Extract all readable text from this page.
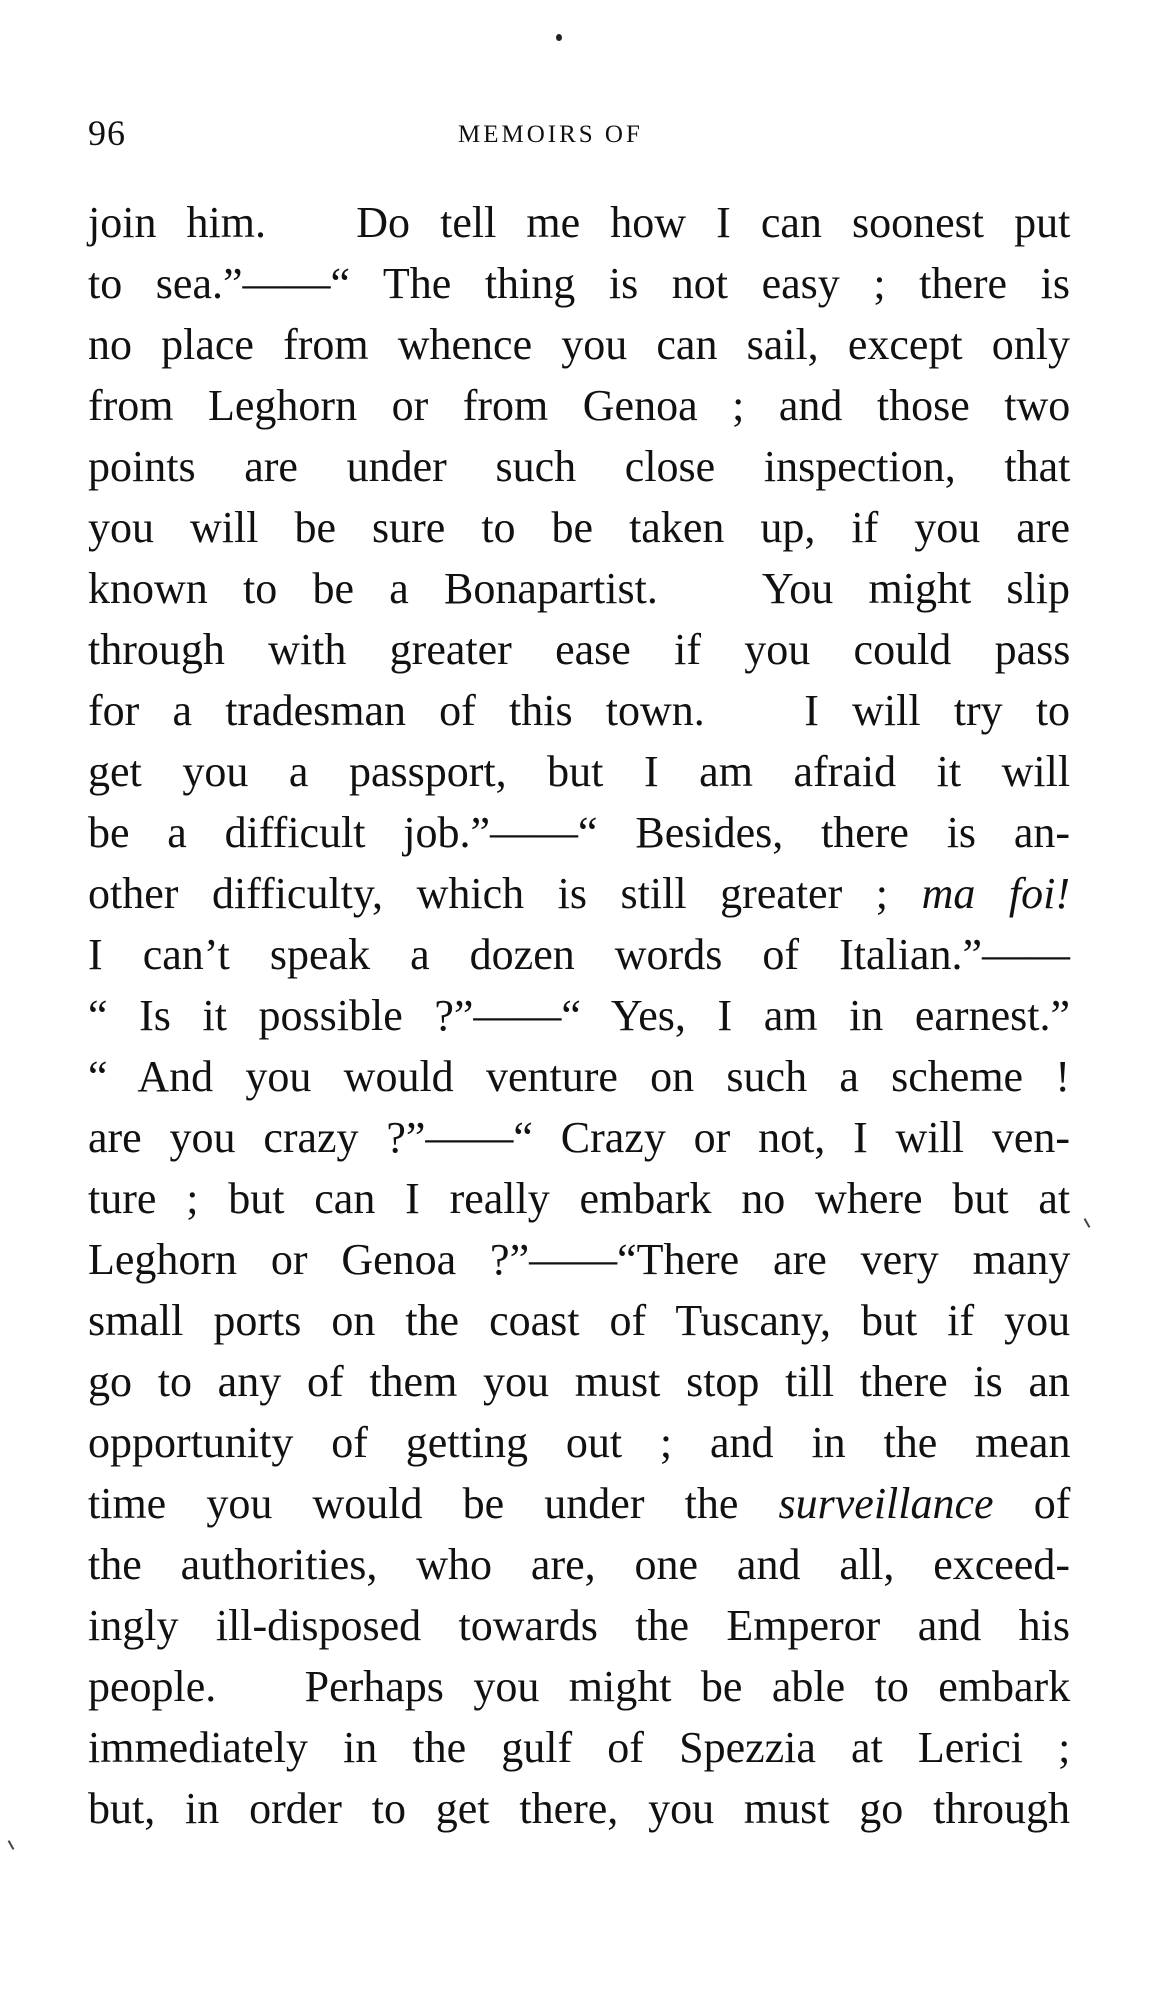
96	MEMOIRS OF
join him.   Do tell me how I can soonest put
to sea.”——“ The thing is not easy ; there is
no place from whence you can sail, except only
from Leghorn or from Genoa ; and those two
points are under such close inspection, that
you will be sure to be taken up, if you are
known to be a Bonapartist.   You might slip
through with greater ease if you could pass
for a tradesman of this town.   I will try to
get you a passport, but I am afraid it will
be a difficult job.”——“ Besides, there is an-
other difficulty, which is still greater ; ma foi!
I can’t speak a dozen words of Italian.”——
“ Is it possible ?”——“ Yes, I am in earnest.”
“ And you would venture on such a scheme !
are you crazy ?”——“ Crazy or not, I will ven-
ture ; but can I really embark no where but at
Leghorn or Genoa ?”——“There are very many
small ports on the coast of Tuscany, but if you
go to any of them you must stop till there is an
opportunity of getting out ; and in the mean
time you would be under the surveillance of
the authorities, who are, one and all, exceed-
ingly ill-disposed towards the Emperor and his
people.   Perhaps you might be able to embark
immediately in the gulf of Spezzia at Lerici ;
but, in order to get there, you must go through
